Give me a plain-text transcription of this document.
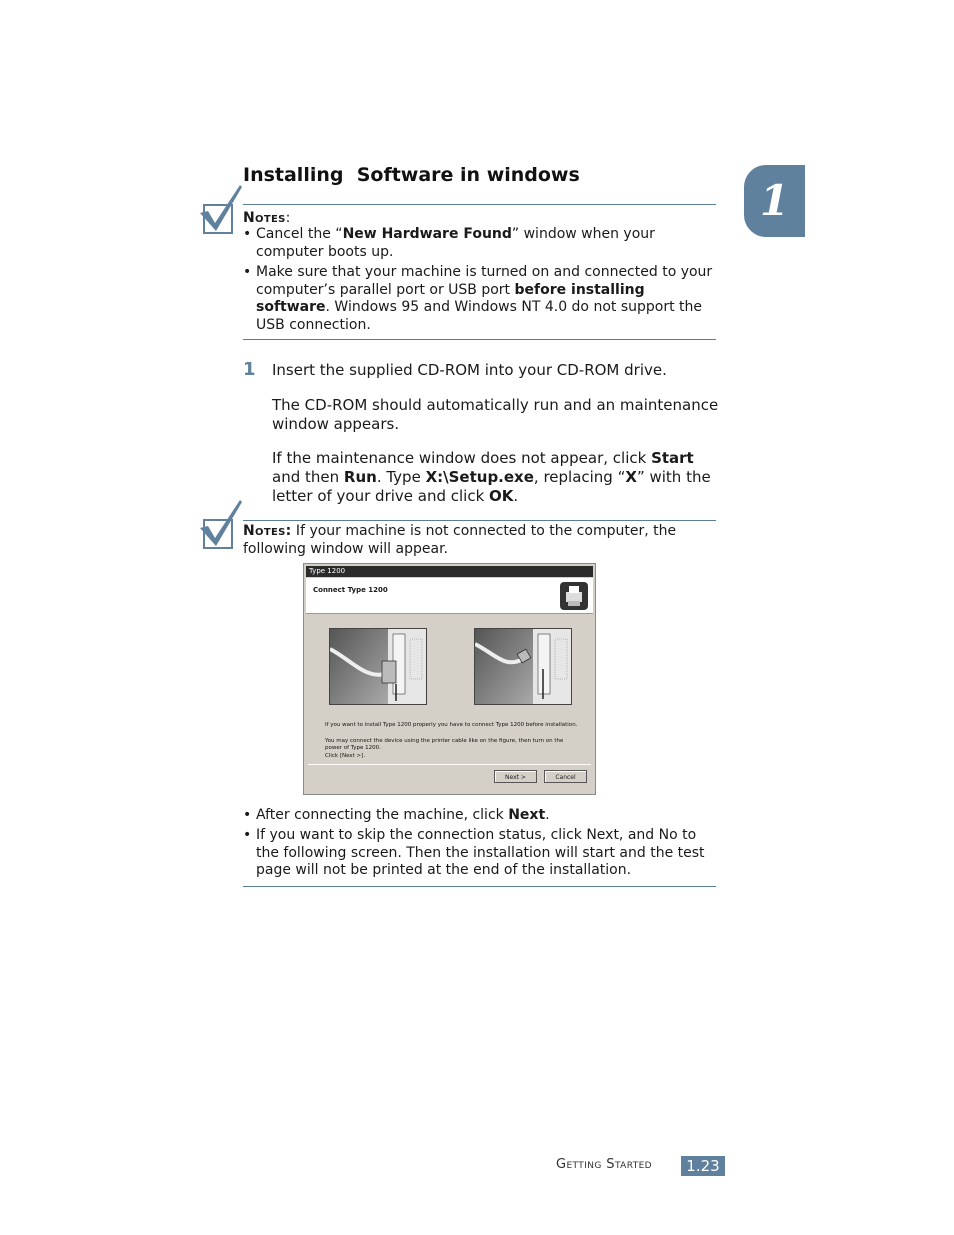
Installing  Software in windows
1
Notes:
• Cancel the “New Hardware Found” window when your computer boots up.
• Make sure that your machine is turned on and connected to your computer’s parallel port or USB port before installing software. Windows 95 and Windows NT 4.0 do not support the USB connection.
1 Insert the supplied CD-ROM into your CD-ROM drive.
The CD-ROM should automatically run and an maintenance window appears.
If the maintenance window does not appear, click Start and then Run. Type X:\Setup.exe, replacing “X” with the letter of your drive and click OK.
Notes: If your machine is not connected to the computer, the following window will appear.
Type 1200
Connect Type 1200
If you want to install Type 1200 properly you have to connect Type 1200 before installation.
You may connect the device using the printer cable like on the figure, then turn on the
power of Type 1200.
Click [Next >].
Next >	Cancel
• After connecting the machine, click Next.
• If you want to skip the connection status, click Next, and No to the following screen. Then the installation will start and the test page will not be printed at the end of the installation.
Getting Started	1.23
